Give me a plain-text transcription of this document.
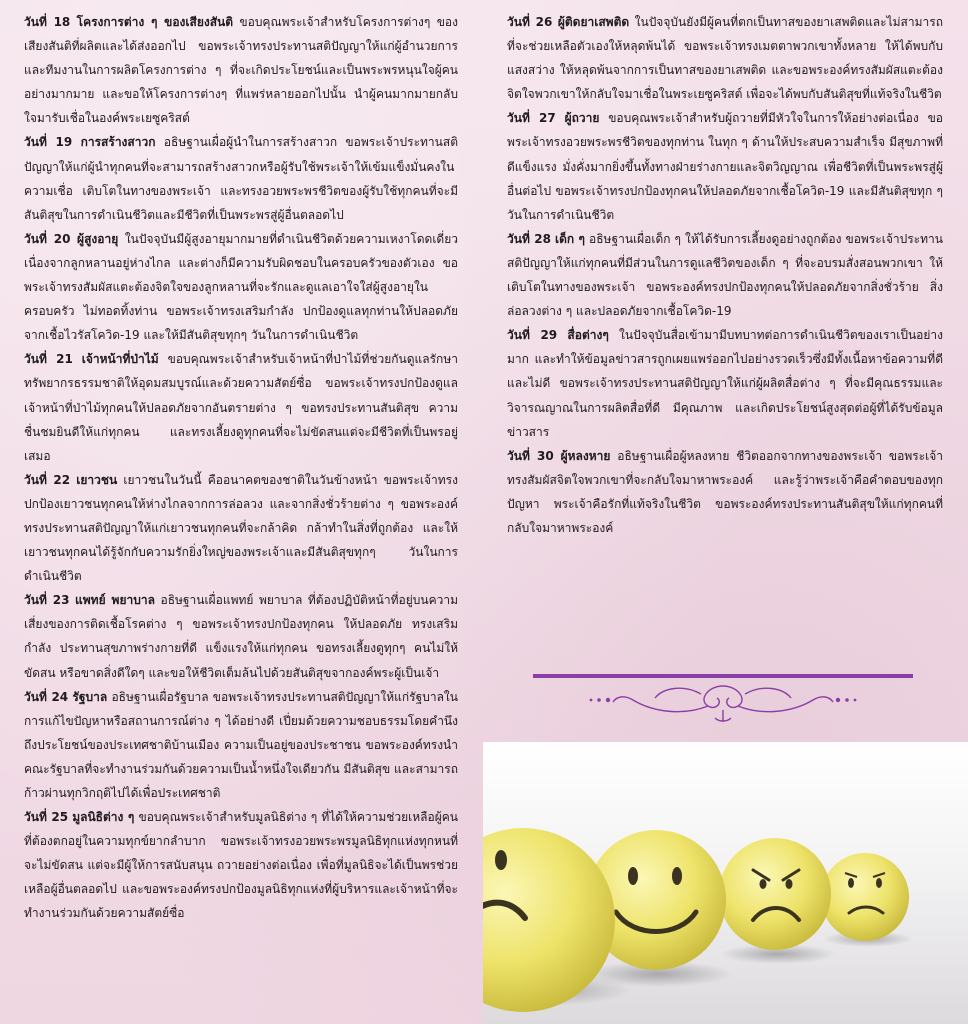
วันที่ 18 โครงการต่าง ๆ ของเสียงสันติ ขอบคุณพระเจ้าสำหรับโครงการต่างๆ ของเสียงสันติที่ผลิตและได้ส่งออกไป ขอพระเจ้าทรงประทานสติปัญญาให้แก่ผู้อำนวยการและทีมงานในการผลิตโครงการต่าง ๆ ที่จะเกิดประโยชน์และเป็นพระพรหนุนใจผู้คนอย่างมากมาย และขอให้โครงการต่างๆ ที่แพร่หลายออกไปนั้น นำผู้คนมากมายกลับใจมารับเชื่อในองค์พระเยซูคริสต์

วันที่ 19 การสร้างสาวก อธิษฐานเผื่อผู้นำในการสร้างสาวก ขอพระเจ้าประทานสติปัญญาให้แก่ผู้นำทุกคนที่จะสามารถสร้างสาวกหรือผู้รับใช้พระเจ้าให้เข้มแข็งมั่นคงในความเชื่อ เติบโตในทางของพระเจ้า และทรงอวยพระพรชีวิตของผู้รับใช้ทุกคนที่จะมีสันติสุขในการดำเนินชีวิตและมีชีวิตที่เป็นพระพรสู่ผู้อื่นตลอดไป

วันที่ 20 ผู้สูงอายุ ในปัจจุบันมีผู้สูงอายุมากมายที่ดำเนินชีวิตด้วยความเหงาโดดเดี่ยว เนื่องจากลูกหลานอยู่ห่างไกล และต่างก็มีความรับผิดชอบในครอบครัวของตัวเอง ขอพระเจ้าทรงสัมผัสแตะต้องจิตใจของลูกหลานที่จะรักและดูแลเอาใจใส่ผู้สูงอายุในครอบครัว ไม่ทอดทิ้งท่าน ขอพระเจ้าทรงเสริมกำลัง ปกป้องดูแลทุกท่านให้ปลอดภัยจากเชื้อไวรัสโควิด-19 และให้มีสันติสุขทุกๆ วันในการดำเนินชีวิต

วันที่ 21 เจ้าหน้าที่ป่าไม้ ขอบคุณพระเจ้าสำหรับเจ้าหน้าที่ป่าไม้ที่ช่วยกันดูแลรักษาทรัพยากรธรรมชาติให้อุดมสมบูรณ์และด้วยความสัตย์ซื่อ ขอพระเจ้าทรงปกป้องดูแลเจ้าหน้าที่ป่าไม้ทุกคนให้ปลอดภัยจากอันตรายต่าง ๆ ขอทรงประทานสันติสุข ความชื่นชมยินดีให้แก่ทุกคน และทรงเลี้ยงดูทุกคนที่จะไม่ขัดสนแต่จะมีชีวิตที่เป็นพรอยู่เสมอ

วันที่ 22 เยาวชน เยาวชนในวันนี้ คืออนาคตของชาติในวันข้างหน้า ขอพระเจ้าทรงปกป้องเยาวชนทุกคนให้ห่างไกลจากการล่อลวง และจากสิ่งชั่วร้ายต่าง ๆ ขอพระองค์ทรงประทานสติปัญญาให้แก่เยาวชนทุกคนที่จะกล้าคิด กล้าทำในสิ่งที่ถูกต้อง และให้เยาวชนทุกคนได้รู้จักกับความรักยิ่งใหญ่ของพระเจ้าและมีสันติสุขทุกๆ วันในการดำเนินชีวิต

วันที่ 23 แพทย์ พยาบาล อธิษฐานเผื่อแพทย์ พยาบาล ที่ต้องปฏิบัติหน้าที่อยู่บนความเสี่ยงของการติดเชื้อโรคต่าง ๆ ขอพระเจ้าทรงปกป้องทุกคน ให้ปลอดภัย ทรงเสริมกำลัง ประทานสุขภาพร่างกายที่ดี แข็งแรงให้แก่ทุกคน ขอทรงเลี้ยงดูทุกๆ คนไม่ให้ขัดสน หรือขาดสิ่งดีใดๆ และขอให้ชีวิตเต็มล้นไปด้วยสันติสุขจากองค์พระผู้เป็นเจ้า

วันที่ 24 รัฐบาล อธิษฐานเผื่อรัฐบาล ขอพระเจ้าทรงประทานสติปัญญาให้แก่รัฐบาลในการแก้ไขปัญหาหรือสถานการณ์ต่าง ๆ ได้อย่างดี เปี่ยมด้วยความชอบธรรมโดยคำนึงถึงประโยชน์ของประเทศชาติบ้านเมือง ความเป็นอยู่ของประชาชน ขอพระองค์ทรงนำคณะรัฐบาลที่จะทำงานร่วมกันด้วยความเป็นน้ำหนึ่งใจเดียวกัน มีสันติสุข และสามารถก้าวผ่านทุกวิกฤติไปได้เพื่อประเทศชาติ

วันที่ 25 มูลนิธิต่าง ๆ ขอบคุณพระเจ้าสำหรับมูลนิธิต่าง ๆ ที่ได้ให้ความช่วยเหลือผู้คนที่ต้องตกอยู่ในความทุกข์ยากลำบาก ขอพระเจ้าทรงอวยพระพรมูลนิธิทุกแห่งทุกหนที่จะไม่ขัดสน แต่จะมีผู้ให้การสนับสนุน ถวายอย่างต่อเนื่อง เพื่อที่มูลนิธิจะได้เป็นพรช่วยเหลือผู้อื่นตลอดไป และขอพระองค์ทรงปกป้องมูลนิธิทุกแห่งที่ผู้บริหารและเจ้าหน้าที่จะทำงานร่วมกันด้วยความสัตย์ซื่อ

วันที่ 26 ผู้ติดยาเสพติด ในปัจจุบันยังมีผู้คนที่ตกเป็นทาสของยาเสพติดและไม่สามารถที่จะช่วยเหลือตัวเองให้หลุดพ้นได้ ขอพระเจ้าทรงเมตตาพวกเขาทั้งหลาย ให้ได้พบกับแสงสว่าง ให้หลุดพ้นจากการเป็นทาสของยาเสพติด และขอพระองค์ทรงสัมผัสแตะต้องจิตใจพวกเขาให้กลับใจมาเชื่อในพระเยซูคริสต์ เพื่อจะได้พบกับสันติสุขที่แท้จริงในชีวิต

วันที่ 27 ผู้ถวาย ขอบคุณพระเจ้าสำหรับผู้ถวายที่มีหัวใจในการให้อย่างต่อเนื่อง ขอพระเจ้าทรงอวยพระพรชีวิตของทุกท่าน ในทุก ๆ ด้านให้ประสบความสำเร็จ มีสุขภาพที่ดีแข็งแรง มั่งคั่งมากยิ่งขึ้นทั้งทางฝ่ายร่างกายและจิตวิญญาณ เพื่อชีวิตที่เป็นพระพรสู่ผู้อื่นต่อไป ขอพระเจ้าทรงปกป้องทุกคนให้ปลอดภัยจากเชื้อโควิด-19 และมีสันติสุขทุก ๆ วันในการดำเนินชีวิต

วันที่ 28 เด็ก ๆ อธิษฐานเผื่อเด็ก ๆ ให้ได้รับการเลี้ยงดูอย่างถูกต้อง ขอพระเจ้าประทานสติปัญญาให้แก่ทุกคนที่มีส่วนในการดูแลชีวิตของเด็ก ๆ ที่จะอบรมสั่งสอนพวกเขา ให้เติบโตในทางของพระเจ้า ขอพระองค์ทรงปกป้องทุกคนให้ปลอดภัยจากสิ่งชั่วร้าย สิ่งล่อลวงต่าง ๆ และปลอดภัยจากเชื้อโควิด-19

วันที่ 29 สื่อต่างๆ ในปัจจุบันสื่อเข้ามามีบทบาทต่อการดำเนินชีวิตของเราเป็นอย่างมาก และทำให้ข้อมูลข่าวสารถูกเผยแพร่ออกไปอย่างรวดเร็วซึ่งมีทั้งเนื้อหาข้อความที่ดีและไม่ดี ขอพระเจ้าทรงประทานสติปัญญาให้แก่ผู้ผลิตสื่อต่าง ๆ ที่จะมีคุณธรรมและวิจารณญาณในการผลิตสื่อที่ดี มีคุณภาพ และเกิดประโยชน์สูงสุดต่อผู้ที่ได้รับข้อมูลข่าวสาร

วันที่ 30 ผู้หลงหาย อธิษฐานเผื่อผู้หลงหาย ชีวิตออกจากทางของพระเจ้า ขอพระเจ้าทรงสัมผัสจิตใจพวกเขาที่จะกลับใจมาหาพระองค์ และรู้ว่าพระเจ้าคือคำตอบของทุกปัญหา พระเจ้าคือรักที่แท้จริงในชีวิต ขอพระองค์ทรงประทานสันติสุขให้แก่ทุกคนที่กลับใจมาหาพระองค์
